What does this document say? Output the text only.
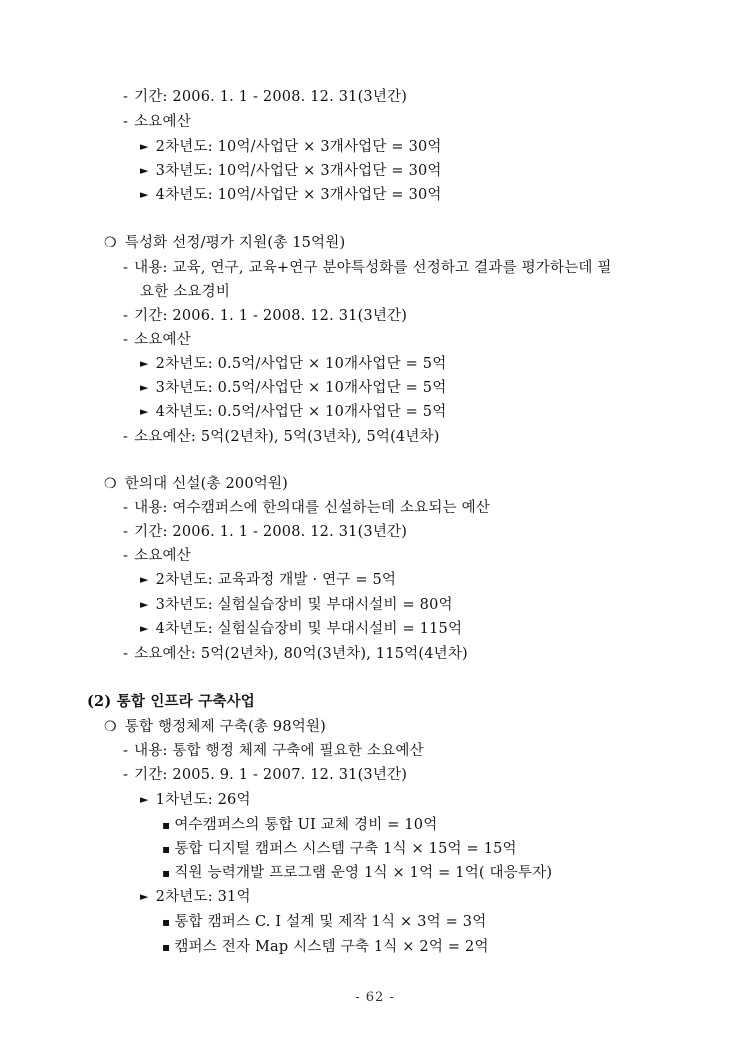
- 기간: 2006. 1. 1 - 2008. 12. 31(3년간)
- 소요예산
► 2차년도: 10억/사업단 × 3개사업단 = 30억
► 3차년도: 10억/사업단 × 3개사업단 = 30억
► 4차년도: 10억/사업단 × 3개사업단 = 30억
❍ 특성화 선정/평가 지원(총 15억원)
- 내용: 교육, 연구, 교육+연구 분야특성화를 선정하고 결과를 평가하는데 필
요한 소요경비
- 기간: 2006. 1. 1 - 2008. 12. 31(3년간)
- 소요예산
► 2차년도: 0.5억/사업단 × 10개사업단 = 5억
► 3차년도: 0.5억/사업단 × 10개사업단 = 5억
► 4차년도: 0.5억/사업단 × 10개사업단 = 5억
- 소요예산: 5억(2년차), 5억(3년차), 5억(4년차)
❍ 한의대 신설(총 200억원)
- 내용: 여수캠퍼스에 한의대를 신설하는데 소요되는 예산
- 기간: 2006. 1. 1 - 2008. 12. 31(3년간)
- 소요예산
► 2차년도: 교육과정 개발 · 연구 = 5억
► 3차년도: 실험실습장비 및 부대시설비 = 80억
► 4차년도: 실험실습장비 및 부대시설비 = 115억
- 소요예산: 5억(2년차), 80억(3년차), 115억(4년차)
(2) 통합 인프라 구축사업
❍ 통합 행정체제 구축(총 98억원)
- 내용: 통합 행정 체제 구축에 필요한 소요예산
- 기간: 2005. 9. 1 - 2007. 12. 31(3년간)
► 1차년도: 26억
▪ 여수캠퍼스의 통합 UI 교체 경비 = 10억
▪ 통합 디지털 캠퍼스 시스템 구축 1식 × 15억 = 15억
▪ 직원 능력개발 프로그램 운영 1식 × 1억 = 1억( 대응투자)
► 2차년도: 31억
▪ 통합 캠퍼스 C. I 설계 및 제작 1식 × 3억 = 3억
▪ 캠퍼스 전자 Map 시스템 구축 1식 × 2억 = 2억
- 62 -
